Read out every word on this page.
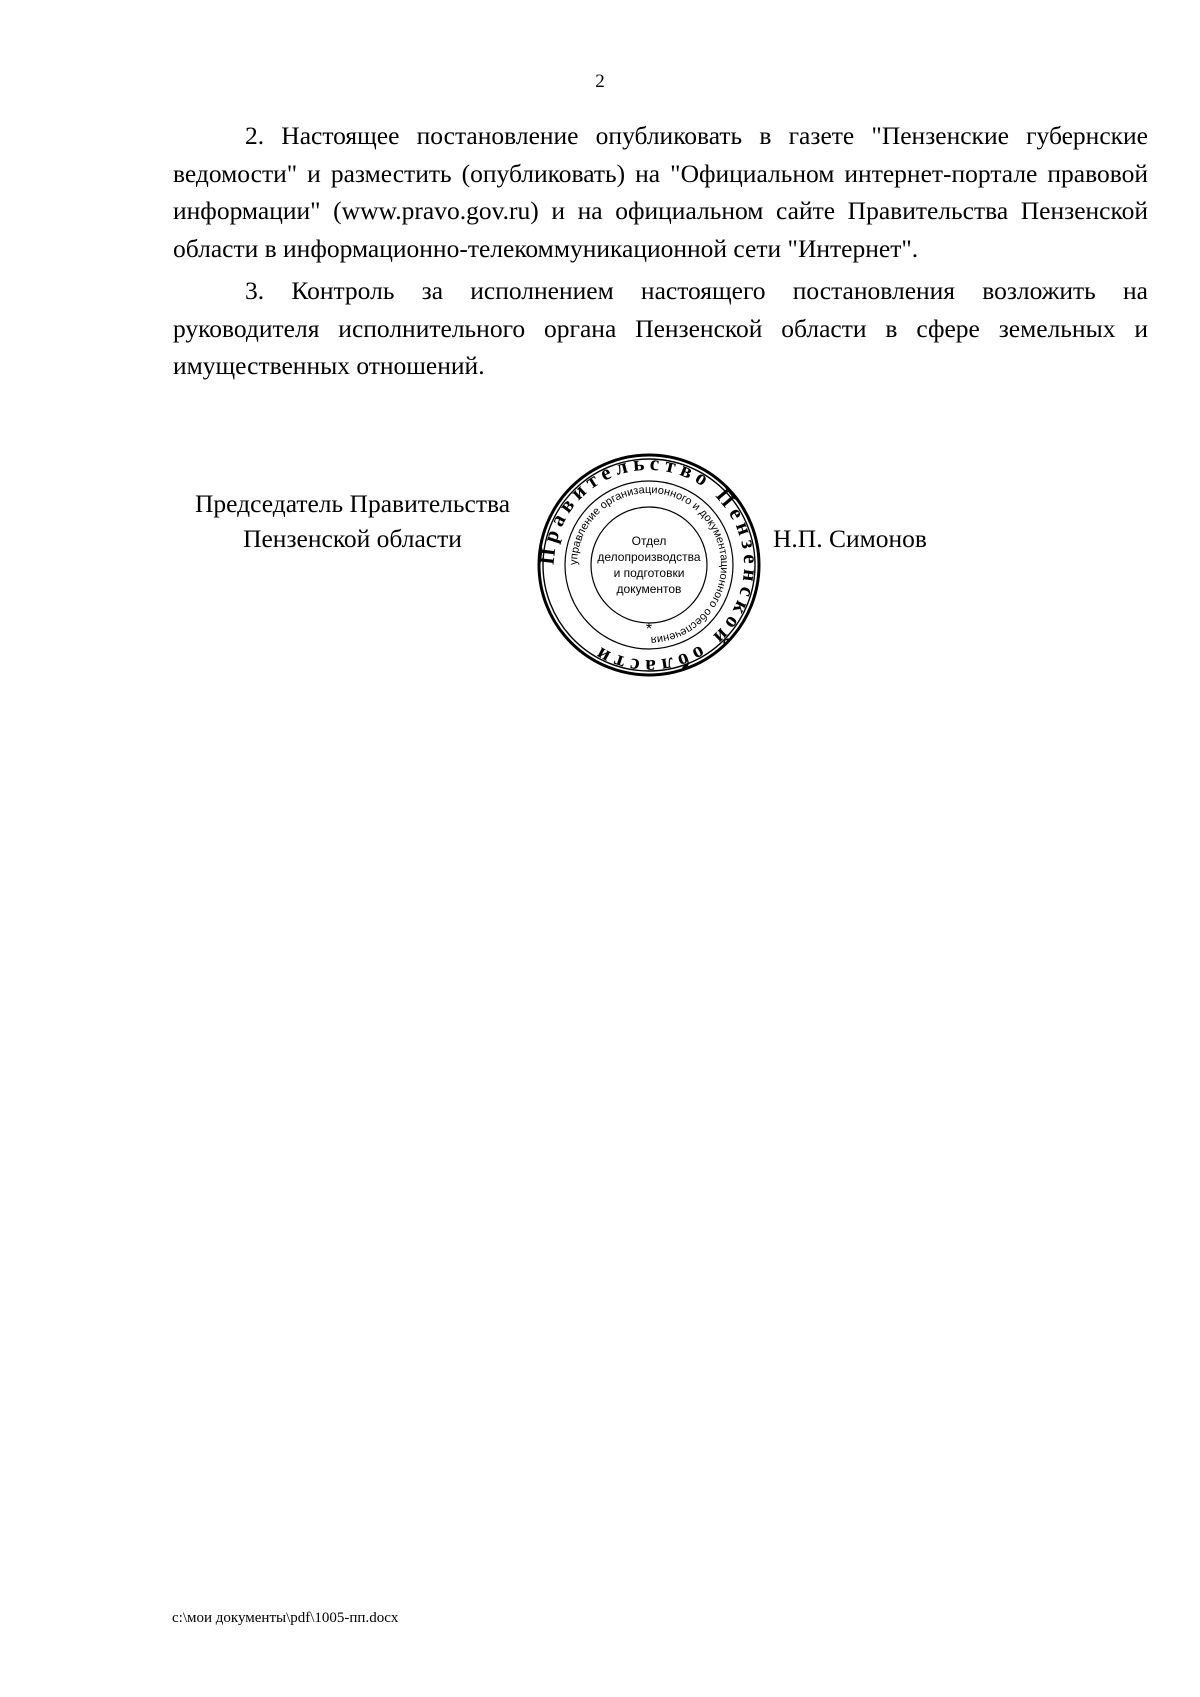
2

2. Настоящее постановление опубликовать в газете "Пензенские губернские ведомости" и разместить (опубликовать) на "Официальном интернет-портале правовой информации" (www.pravo.gov.ru) и на официальном сайте Правительства Пензенской области в информационно-телекоммуникационной сети "Интернет".

3. Контроль за исполнением настоящего постановления возложить на руководителя исполнительного органа Пензенской области в сфере земельных и имущественных отношений.

Председатель Правительства
Пензенской области
Правительство Пензенской области
управление организационного и документационного обеспечения
*
Отдел
делопроизводства
и подготовки
документов
Н.П. Симонов
c:\мои документы\pdf\1005-пп.docx
